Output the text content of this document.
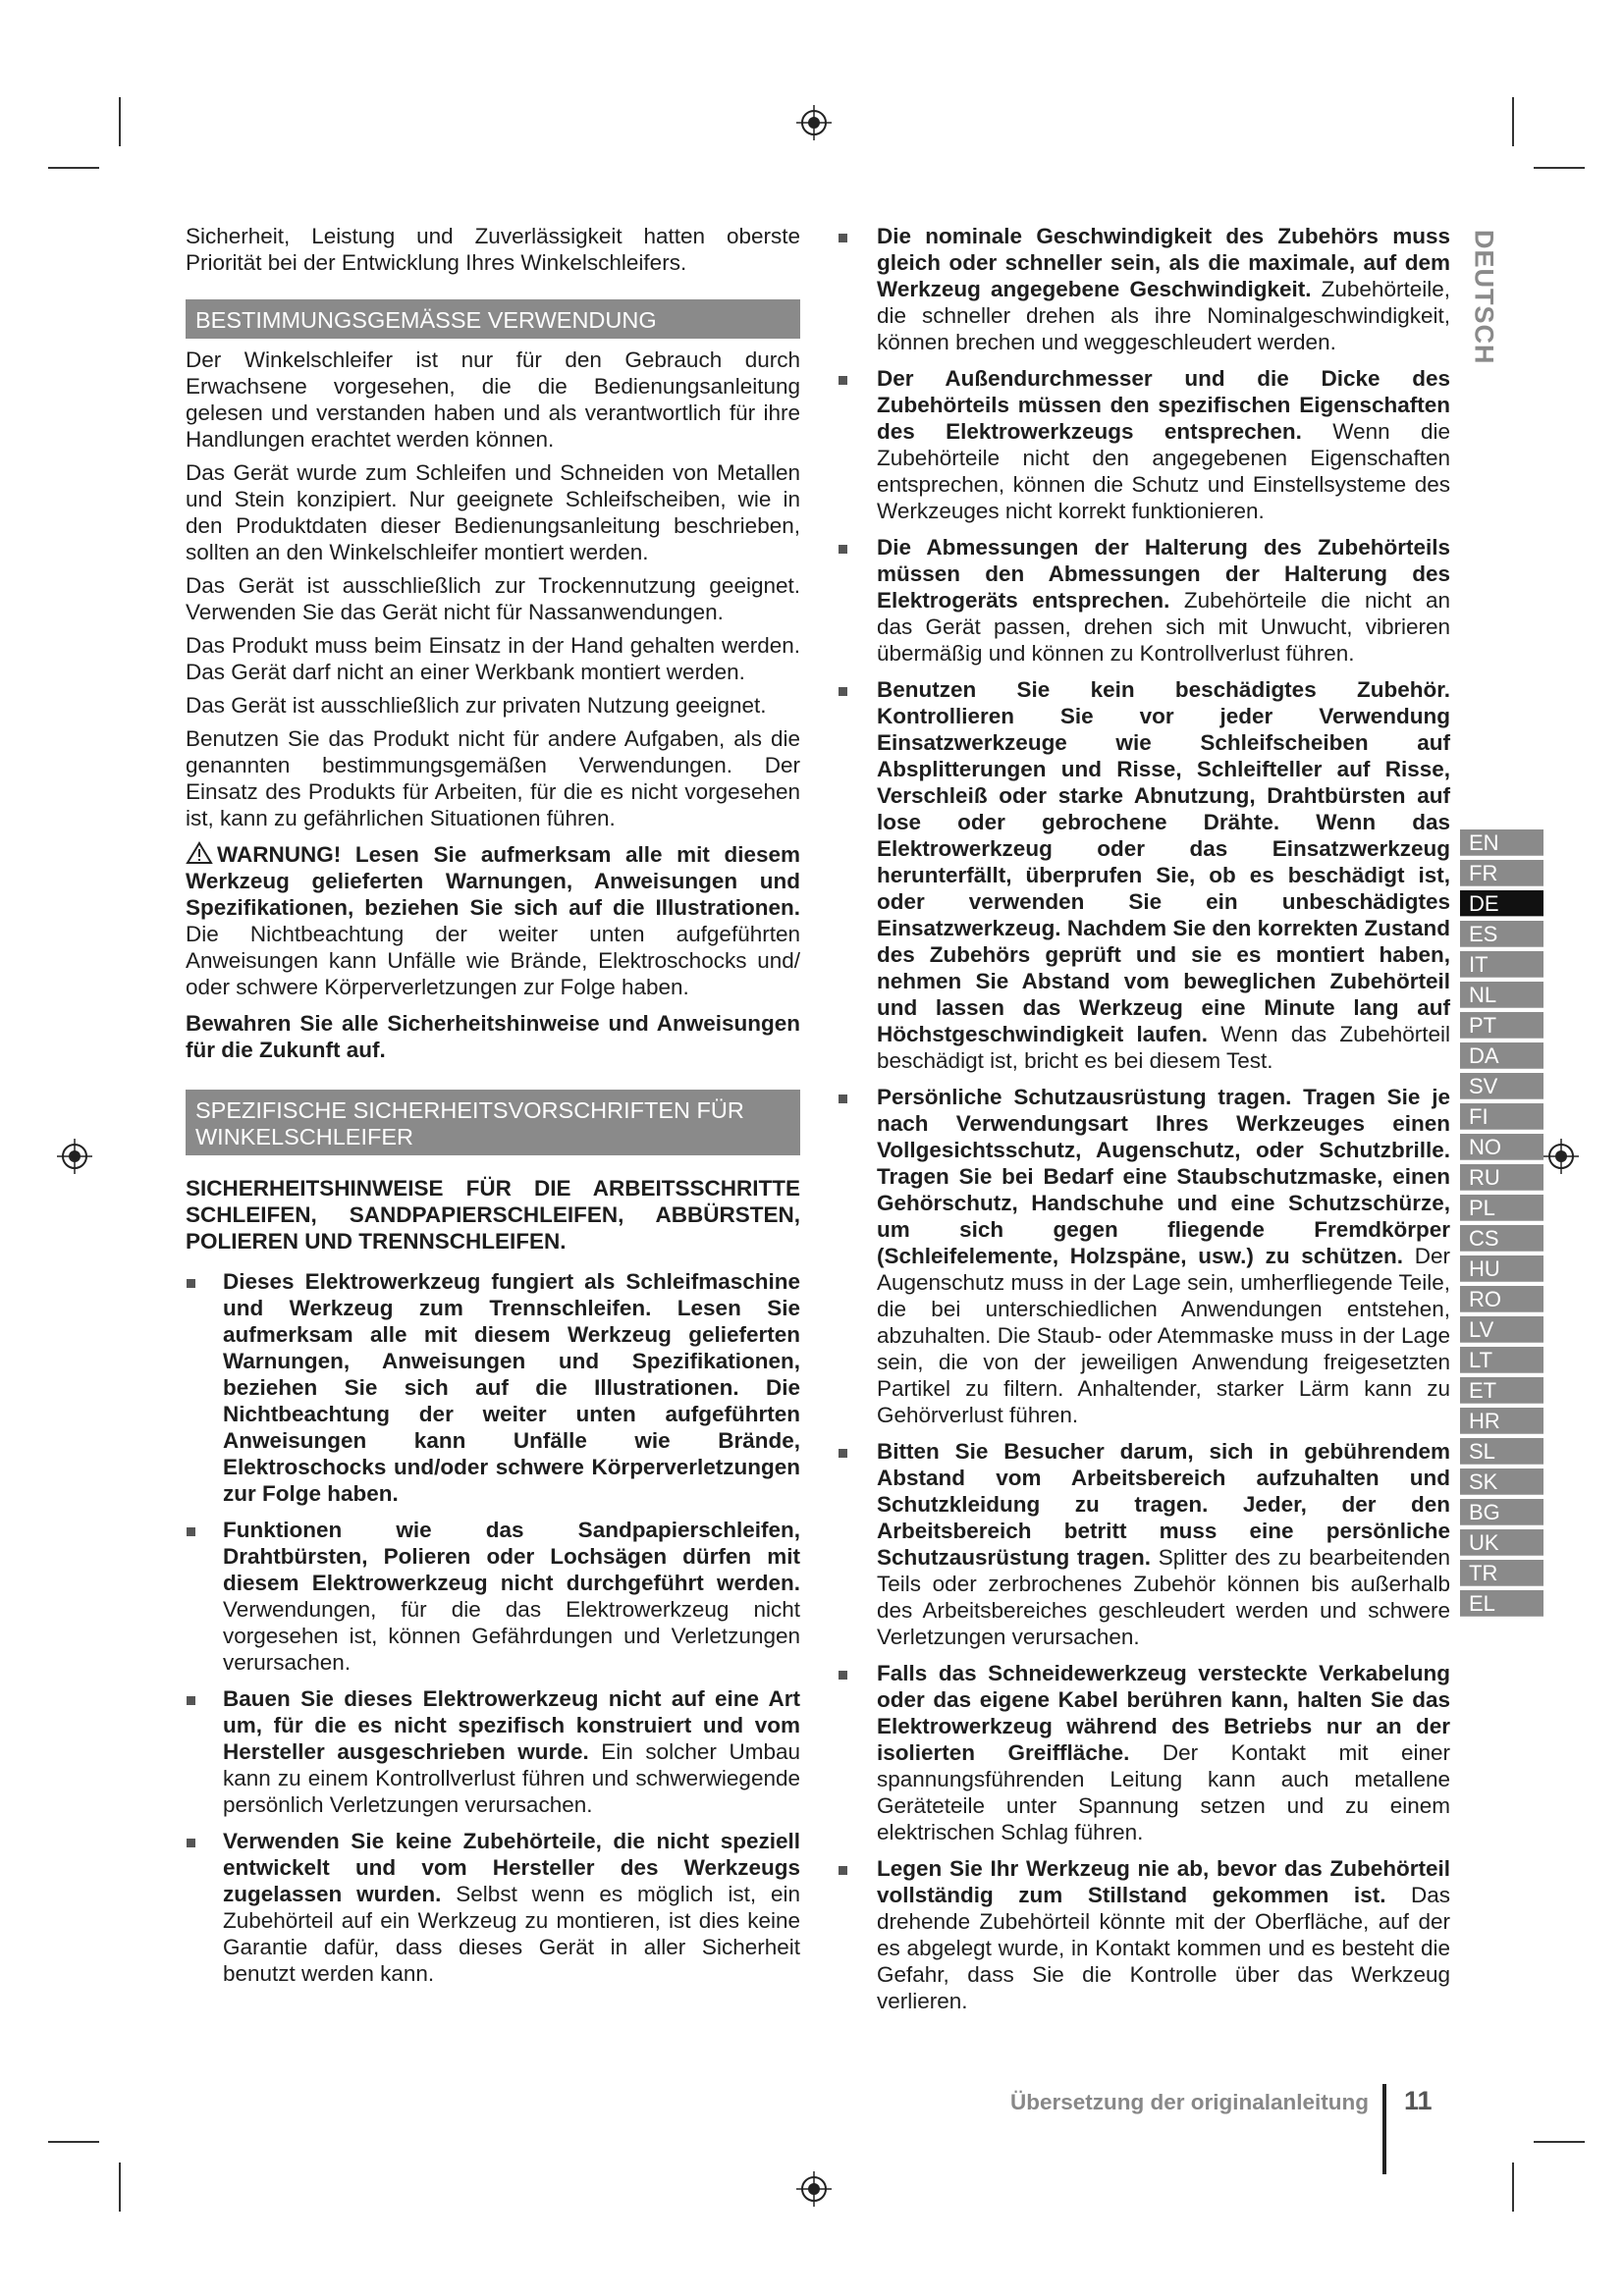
Sicherheit, Leistung und Zuverlässigkeit hatten oberste Priorität bei der Entwicklung Ihres Winkelschleifers.

BESTIMMUNGSGEMÄSSE VERWENDUNG

Der Winkelschleifer ist nur für den Gebrauch durch Erwachsene vorgesehen, die die Bedienungsanleitung gelesen und verstanden haben und als verantwortlich für ihre Handlungen erachtet werden können.

Das Gerät wurde zum Schleifen und Schneiden von Metallen und Stein konzipiert. Nur geeignete Schleifscheiben, wie in den Produktdaten dieser Bedienungsanleitung beschrieben, sollten an den Winkelschleifer montiert werden.

Das Gerät ist ausschließlich zur Trockennutzung geeignet. Verwenden Sie das Gerät nicht für Nassanwendungen.

Das Produkt muss beim Einsatz in der Hand gehalten werden. Das Gerät darf nicht an einer Werkbank montiert werden.

Das Gerät ist ausschließlich zur privaten Nutzung geeignet.

Benutzen Sie das Produkt nicht für andere Aufgaben, als die genannten bestimmungsgemäßen Verwendungen. Der Einsatz des Produkts für Arbeiten, für die es nicht vorgesehen ist, kann zu gefährlichen Situationen führen.

WARNUNG! Lesen Sie aufmerksam alle mit diesem Werkzeug gelieferten Warnungen, Anweisungen und Spezifikationen, beziehen Sie sich auf die Illustrationen. Die Nichtbeachtung der weiter unten aufgeführten Anweisungen kann Unfälle wie Brände, Elektroschocks und/ oder schwere Körperverletzungen zur Folge haben.

Bewahren Sie alle Sicherheitshinweise und Anweisungen für die Zukunft auf.

SPEZIFISCHE SICHERHEITSVORSCHRIFTEN FÜR WINKELSCHLEIFER
SICHERHEITSHINWEISE FÜR DIE ARBEITSSCHRITTE SCHLEIFEN, SANDPAPIERSCHLEIFEN, ABBÜRSTEN, POLIEREN UND TRENNSCHLEIFEN.

Dieses Elektrowerkzeug fungiert als Schleifmaschine und Werkzeug zum Trennschleifen. Lesen Sie aufmerksam alle mit diesem Werkzeug gelieferten Warnungen, Anweisungen und Spezifikationen, beziehen Sie sich auf die Illustrationen. Die Nichtbeachtung der weiter unten aufgeführten Anweisungen kann Unfälle wie Brände, Elektroschocks und/oder schwere Körperverletzungen zur Folge haben.

Funktionen wie das Sandpapierschleifen, Drahtbürsten, Polieren oder Lochsägen dürfen mit diesem Elektrowerkzeug nicht durchgeführt werden. Verwendungen, für die das Elektrowerkzeug nicht vorgesehen ist, können Gefährdungen und Verletzungen verursachen.

Bauen Sie dieses Elektrowerkzeug nicht auf eine Art um, für die es nicht spezifisch konstruiert und vom Hersteller ausgeschrieben wurde. Ein solcher Umbau kann zu einem Kontrollverlust führen und schwerwiegende persönlich Verletzungen verursachen.

Verwenden Sie keine Zubehörteile, die nicht speziell entwickelt und vom Hersteller des Werkzeugs zugelassen wurden. Selbst wenn es möglich ist, ein Zubehörteil auf ein Werkzeug zu montieren, ist dies keine Garantie dafür, dass dieses Gerät in aller Sicherheit benutzt werden kann.

Die nominale Geschwindigkeit des Zubehörs muss gleich oder schneller sein, als die maximale, auf dem Werkzeug angegebene Geschwindigkeit. Zubehörteile, die schneller drehen als ihre Nominalgeschwindigkeit, können brechen und weggeschleudert werden.

Der Außendurchmesser und die Dicke des Zubehörteils müssen den spezifischen Eigenschaften des Elektrowerkzeugs entsprechen. Wenn die Zubehörteile nicht den angegebenen Eigenschaften entsprechen, können die Schutz und Einstellsysteme des Werkzeuges nicht korrekt funktionieren.

Die Abmessungen der Halterung des Zubehörteils müssen den Abmessungen der Halterung des Elektrogeräts entsprechen. Zubehörteile die nicht an das Gerät passen, drehen sich mit Unwucht, vibrieren übermäßig und können zu Kontrollverlust führen.

Benutzen Sie kein beschädigtes Zubehör. Kontrollieren Sie vor jeder Verwendung Einsatzwerkzeuge wie Schleifscheiben auf Absplitterungen und Risse, Schleifteller auf Risse, Verschleiß oder starke Abnutzung, Drahtbürsten auf lose oder gebrochene Drähte. Wenn das Elektrowerkzeug oder das Einsatzwerkzeug herunterfällt, überprufen Sie, ob es beschädigt ist, oder verwenden Sie ein unbeschädigtes Einsatzwerkzeug. Nachdem Sie den korrekten Zustand des Zubehörs geprüft und sie es montiert haben, nehmen Sie Abstand vom beweglichen Zubehörteil und lassen das Werkzeug eine Minute lang auf Höchstgeschwindigkeit laufen. Wenn das Zubehörteil beschädigt ist, bricht es bei diesem Test.

Persönliche Schutzausrüstung tragen. Tragen Sie je nach Verwendungsart Ihres Werkzeuges einen Vollgesichtsschutz, Augenschutz, oder Schutzbrille. Tragen Sie bei Bedarf eine Staubschutzmaske, einen Gehörschutz, Handschuhe und eine Schutzschürze, um sich gegen fliegende Fremdkörper (Schleifelemente, Holzspäne, usw.) zu schützen. Der Augenschutz muss in der Lage sein, umherfliegende Teile, die bei unterschiedlichen Anwendungen entstehen, abzuhalten. Die Staub- oder Atemmaske muss in der Lage sein, die von der jeweiligen Anwendung freigesetzten Partikel zu filtern. Anhaltender, starker Lärm kann zu Gehörverlust führen.

Bitten Sie Besucher darum, sich in gebührendem Abstand vom Arbeitsbereich aufzuhalten und Schutzkleidung zu tragen. Jeder, der den Arbeitsbereich betritt muss eine persönliche Schutzausrüstung tragen. Splitter des zu bearbeitenden Teils oder zerbrochenes Zubehör können bis außerhalb des Arbeitsbereiches geschleudert werden und schwere Verletzungen verursachen.

Falls das Schneidewerkzeug versteckte Verkabelung oder das eigene Kabel berühren kann, halten Sie das Elektrowerkzeug während des Betriebs nur an der isolierten Greiffläche. Der Kontakt mit einer spannungsführenden Leitung kann auch metallene Geräteteile unter Spannung setzen und zu einem elektrischen Schlag führen.

Legen Sie Ihr Werkzeug nie ab, bevor das Zubehörteil vollständig zum Stillstand gekommen ist. Das drehende Zubehörteil könnte mit der Oberfläche, auf der es abgelegt wurde, in Kontakt kommen und es besteht die Gefahr, dass Sie die Kontrolle über das Werkzeug verlieren.

DEUTSCH
EN
FR
DE
ES
IT
NL
PT
DA
SV
FI
NO
RU
PL
CS
HU
RO
LV
LT
ET
HR
SL
SK
BG
UK
TR
EL
Übersetzung der originalanleitung 11
